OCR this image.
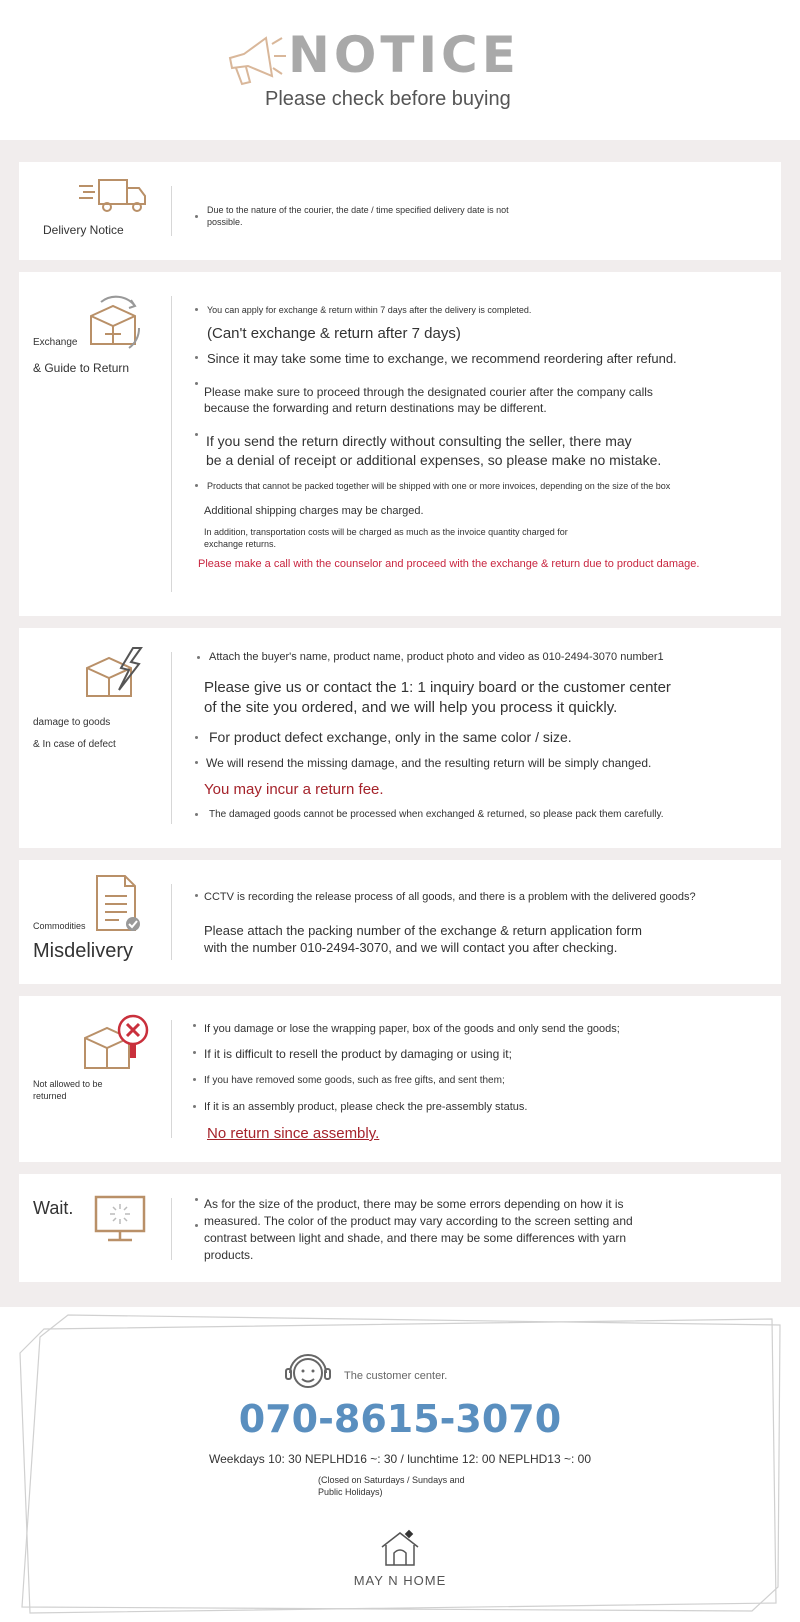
NOTICE
Please check before buying
Delivery Notice
Due to the nature of the courier, the date / time specified delivery date is not
possible.
Exchange
& Guide to Return
You can apply for exchange & return within 7 days after the delivery is completed.
(Can't exchange & return after 7 days)
Since it may take some time to exchange, we recommend reordering after refund.
Please make sure to proceed through the designated courier after the company calls
because the forwarding and return destinations may be different.
If you send the return directly without consulting the seller, there may
be a denial of receipt or additional expenses, so please make no mistake.
Products that cannot be packed together will be shipped with one or more invoices, depending on the size of the box
Additional shipping charges may be charged.
In addition, transportation costs will be charged as much as the invoice quantity charged for
exchange returns.
Please make a call with the counselor and proceed with the exchange & return due to product damage.
damage to goods
& In case of defect
Attach the buyer's name, product name, product photo and video as 010-2494-3070 number1
Please give us or contact the 1: 1 inquiry board or the customer center
of the site you ordered, and we will help you process it quickly.
For product defect exchange, only in the same color / size.
We will resend the missing damage, and the resulting return will be simply changed.
You may incur a return fee.
The damaged goods cannot be processed when exchanged & returned, so please pack them carefully.
Commodities
Misdelivery
CCTV is recording the release process of all goods, and there is a problem with the delivered goods?
Please attach the packing number of the exchange & return application form
with the number 010-2494-3070, and we will contact you after checking.
Not allowed to be
returned
If you damage or lose the wrapping paper, box of the goods and only send the goods;
If it is difficult to resell the product by damaging or using it;
If you have removed some goods, such as free gifts, and sent them;
If it is an assembly product, please check the pre-assembly status.
No return since assembly.
Wait.	As for the size of the product, there may be some errors depending on how it is
measured. The color of the product may vary according to the screen setting and
contrast between light and shade, and there may be some differences with yarn
products.
The customer center.
070-8615-3070
Weekdays 10: 30 NEPLHD16 ~: 30 / lunchtime 12: 00 NEPLHD13 ~: 00
(Closed on Saturdays / Sundays and
Public Holidays)
MAY N HOME
